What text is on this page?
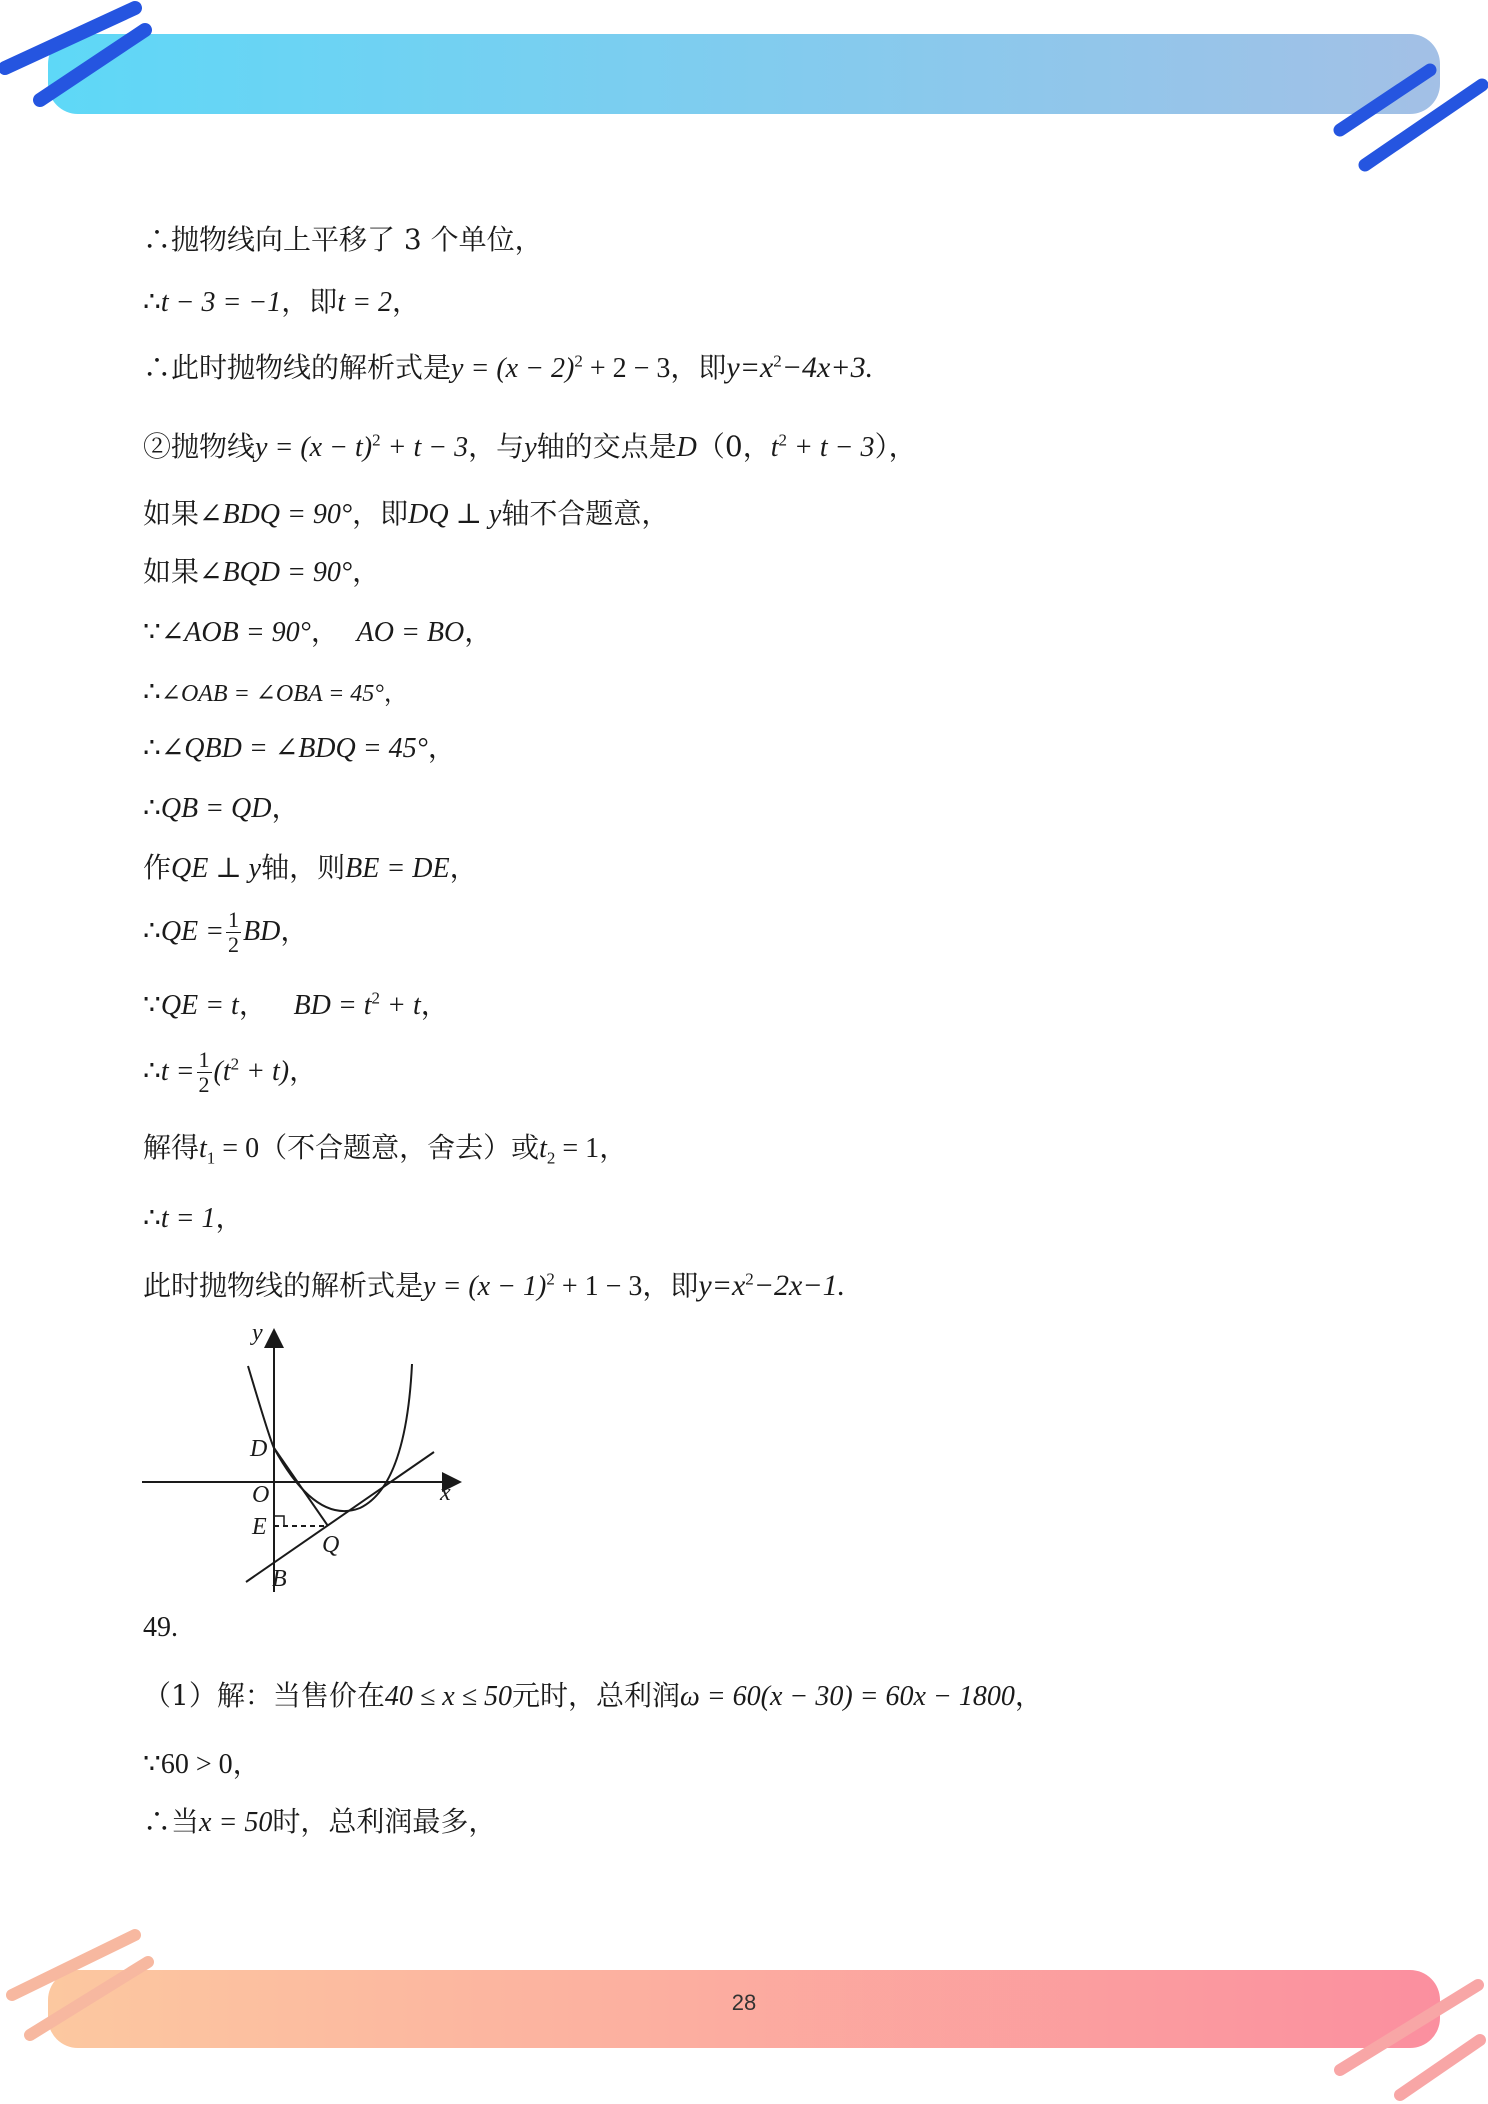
∴抛物线向上平移了 3 个单位，
∴t − 3 = −1，即t = 2，
∴此时抛物线的解析式是$y = (x - 2)^2 + 2 - 3$，即$y=x^2-4x+3$.
②抛物线$y = (x - t)^2 + t - 3$，与y轴的交点是D（0，$t^2 + t - 3$），
如果∠BDQ = 90°，即DQ ⊥ y轴不合题意，
如果∠BQD = 90°，
∵∠AOB = 90°， AO = BO，
∴∠OAB = ∠OBA = 45°，
∴∠QBD = ∠BDQ = 45°，
∴QB = QD，
作QE ⊥ y轴，则BE = DE，
∴QE = $\frac{1}{2}$ BD，
∵QE = t， BD = $t^2 + t$，
∴t = $\frac{1}{2} (t^2 + t)$，
解得$t_1 = 0$（不合题意，舍去）或$t_2 = 1$，
∴t = 1，
此时抛物线的解析式是$y = (x - 1)^2 + 1 - 3$，即$y=x^2-2x-1$.
y
x
D
O
E
Q
B
49.
（1）解：当售价在40 ≤ x ≤ 50元时，总利润ω = 60(x − 30) = 60x − 1800，
∵60 > 0，
∴当x = 50时，总利润最多，
28
